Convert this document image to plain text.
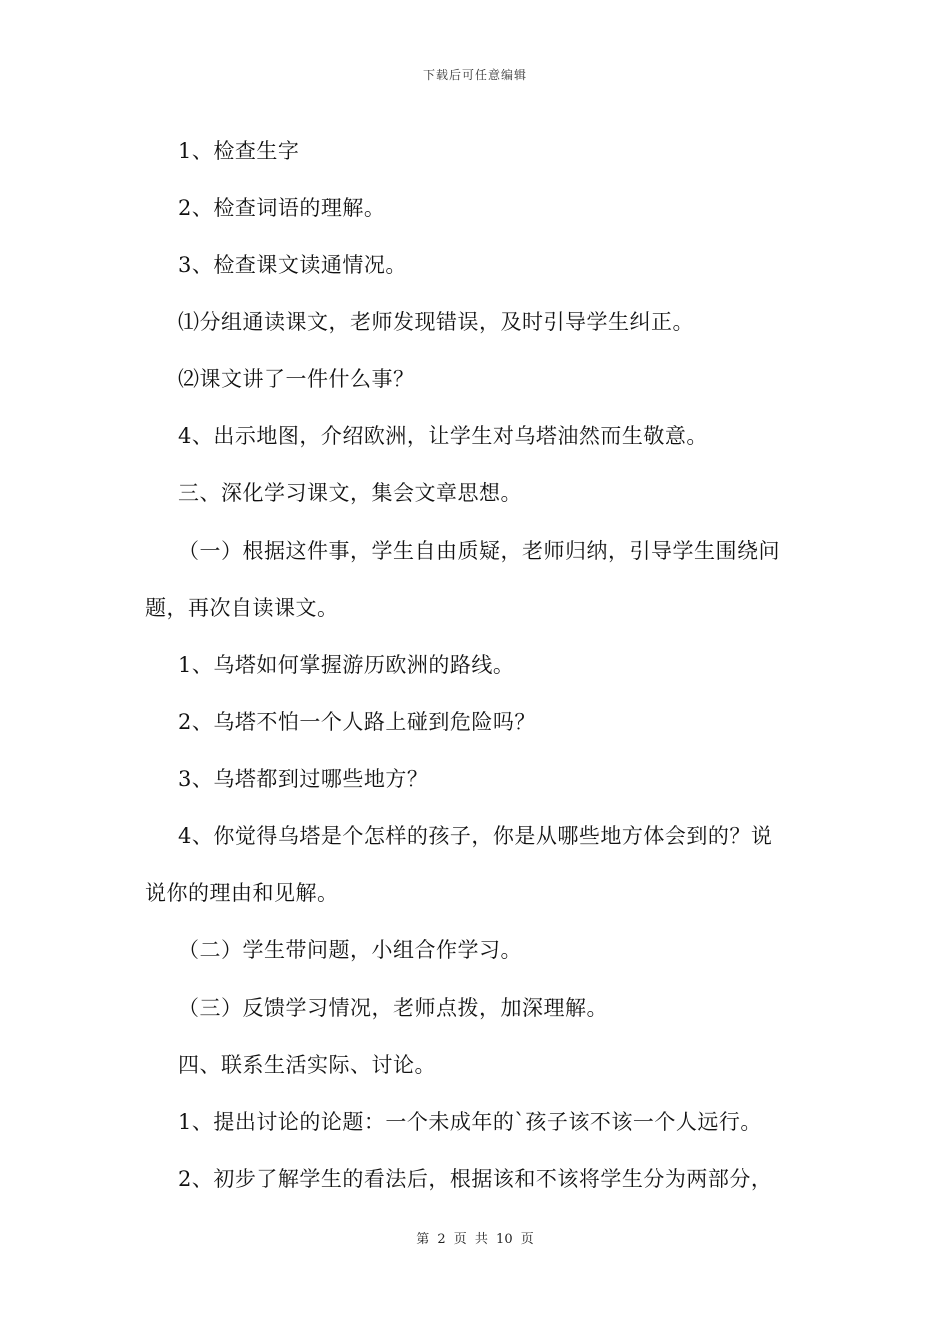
下载后可任意编辑
1、检查生字
2、检查词语的理解。
3、检查课文读通情况。
⑴分组通读课文，老师发现错误，及时引导学生纠正。
⑵课文讲了一件什么事？
4、出示地图，介绍欧洲，让学生对乌塔油然而生敬意。
三、深化学习课文，集会文章思想。
（一）根据这件事，学生自由质疑，老师归纳，引导学生围绕问
题，再次自读课文。
1、乌塔如何掌握游历欧洲的路线。
2、乌塔不怕一个人路上碰到危险吗？
3、乌塔都到过哪些地方？
4、你觉得乌塔是个怎样的孩子，你是从哪些地方体会到的？说
说你的理由和见解。
（二）学生带问题，小组合作学习。
（三）反馈学习情况，老师点拨，加深理解。
四、联系生活实际、讨论。
1、提出讨论的论题：一个未成年的`孩子该不该一个人远行。
2、初步了解学生的看法后，根据该和不该将学生分为两部分，
第 2 页 共 10 页
